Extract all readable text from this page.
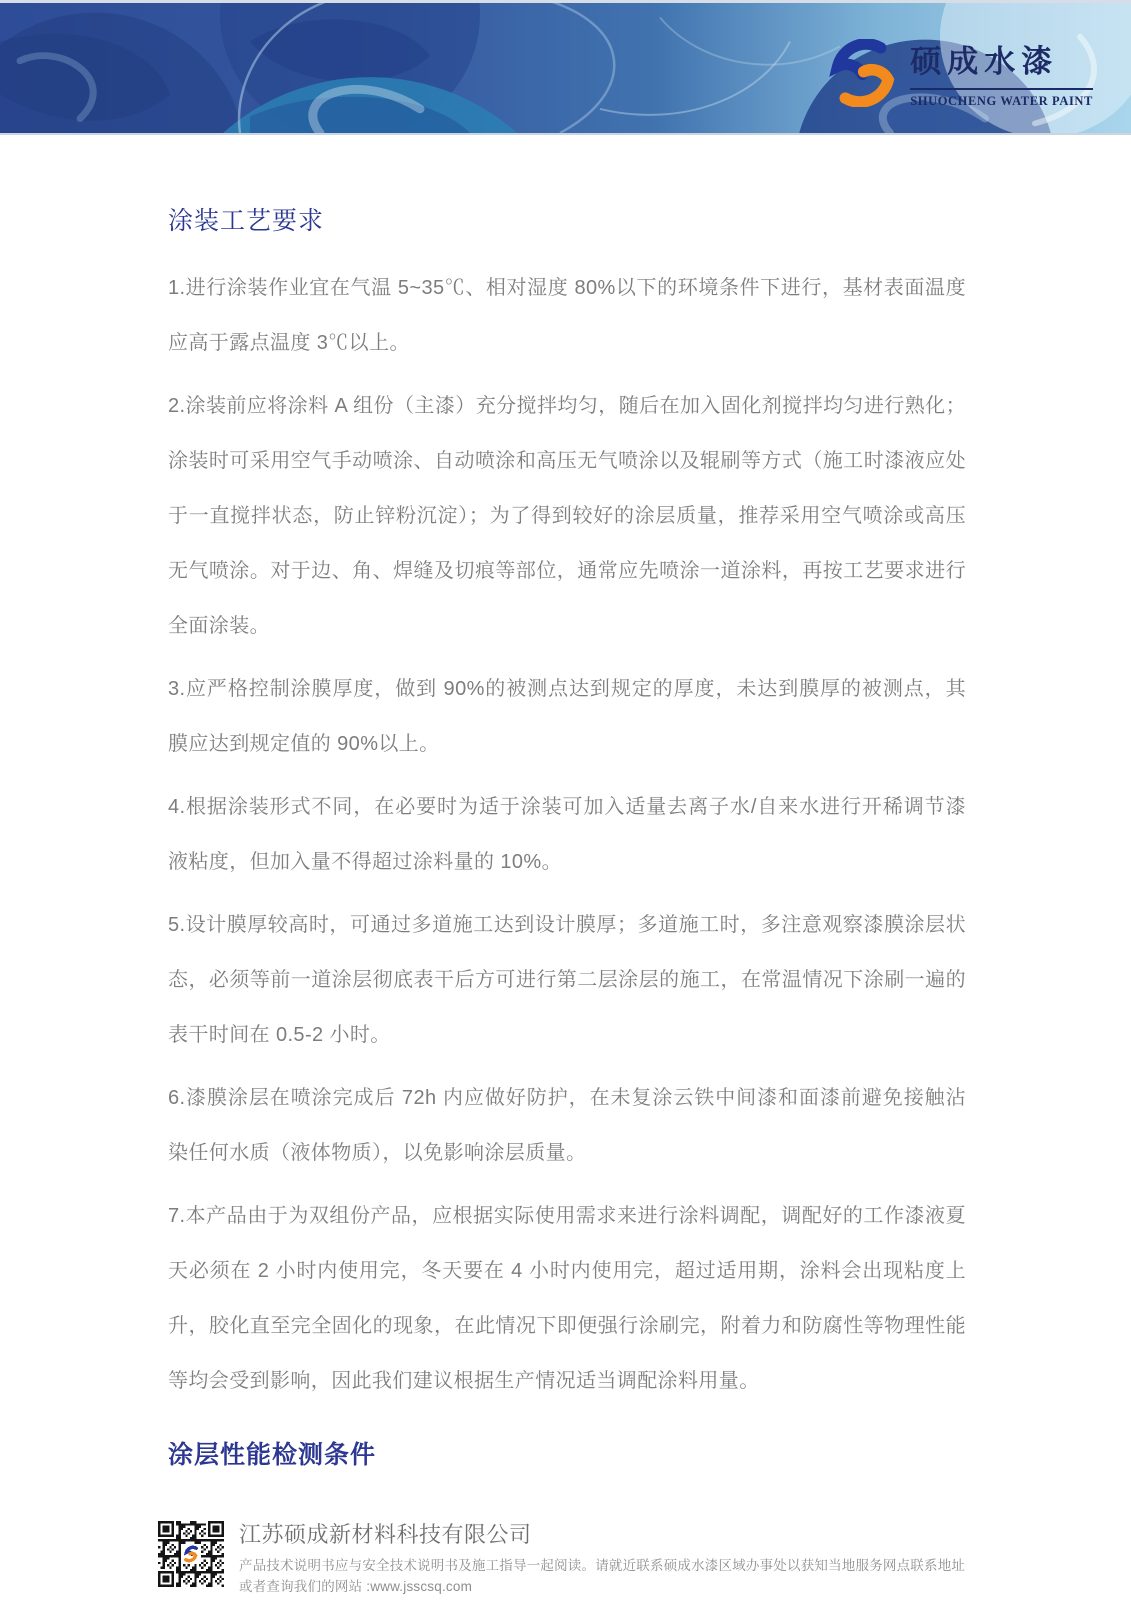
硕成水漆
SHUOCHENG WATER PAINT
涂装工艺要求

1.进行涂装作业宜在气温 5~35℃、相对湿度 80%以下的环境条件下进行，基材表面温度应高于露点温度 3℃以上。

2.涂装前应将涂料 A 组份（主漆）充分搅拌均匀，随后在加入固化剂搅拌均匀进行熟化；涂装时可采用空气手动喷涂、自动喷涂和高压无气喷涂以及辊刷等方式（施工时漆液应处于一直搅拌状态，防止锌粉沉淀）；为了得到较好的涂层质量，推荐采用空气喷涂或高压无气喷涂。对于边、角、焊缝及切痕等部位，通常应先喷涂一道涂料，再按工艺要求进行全面涂装。

3.应严格控制涂膜厚度，做到 90%的被测点达到规定的厚度，未达到膜厚的被测点，其膜应达到规定值的 90%以上。

4.根据涂装形式不同，在必要时为适于涂装可加入适量去离子水/自来水进行开稀调节漆液粘度，但加入量不得超过涂料量的 10%。

5.设计膜厚较高时，可通过多道施工达到设计膜厚；多道施工时，多注意观察漆膜涂层状态，必须等前一道涂层彻底表干后方可进行第二层涂层的施工，在常温情况下涂刷一遍的表干时间在 0.5-2 小时。

6.漆膜涂层在喷涂完成后 72h 内应做好防护，在未复涂云铁中间漆和面漆前避免接触沾染任何水质（液体物质），以免影响涂层质量。

7.本产品由于为双组份产品，应根据实际使用需求来进行涂料调配，调配好的工作漆液夏天必须在 2 小时内使用完，冬天要在 4 小时内使用完，超过适用期，涂料会出现粘度上升，胶化直至完全固化的现象，在此情况下即便强行涂刷完，附着力和防腐性等物理性能等均会受到影响，因此我们建议根据生产情况适当调配涂料用量。

涂层性能检测条件
江苏硕成新材料科技有限公司
产品技术说明书应与安全技术说明书及施工指导一起阅读。请就近联系硕成水漆区域办事处以获知当地服务网点联系地址
或者查询我们的网站 :www.jsscsq.com
